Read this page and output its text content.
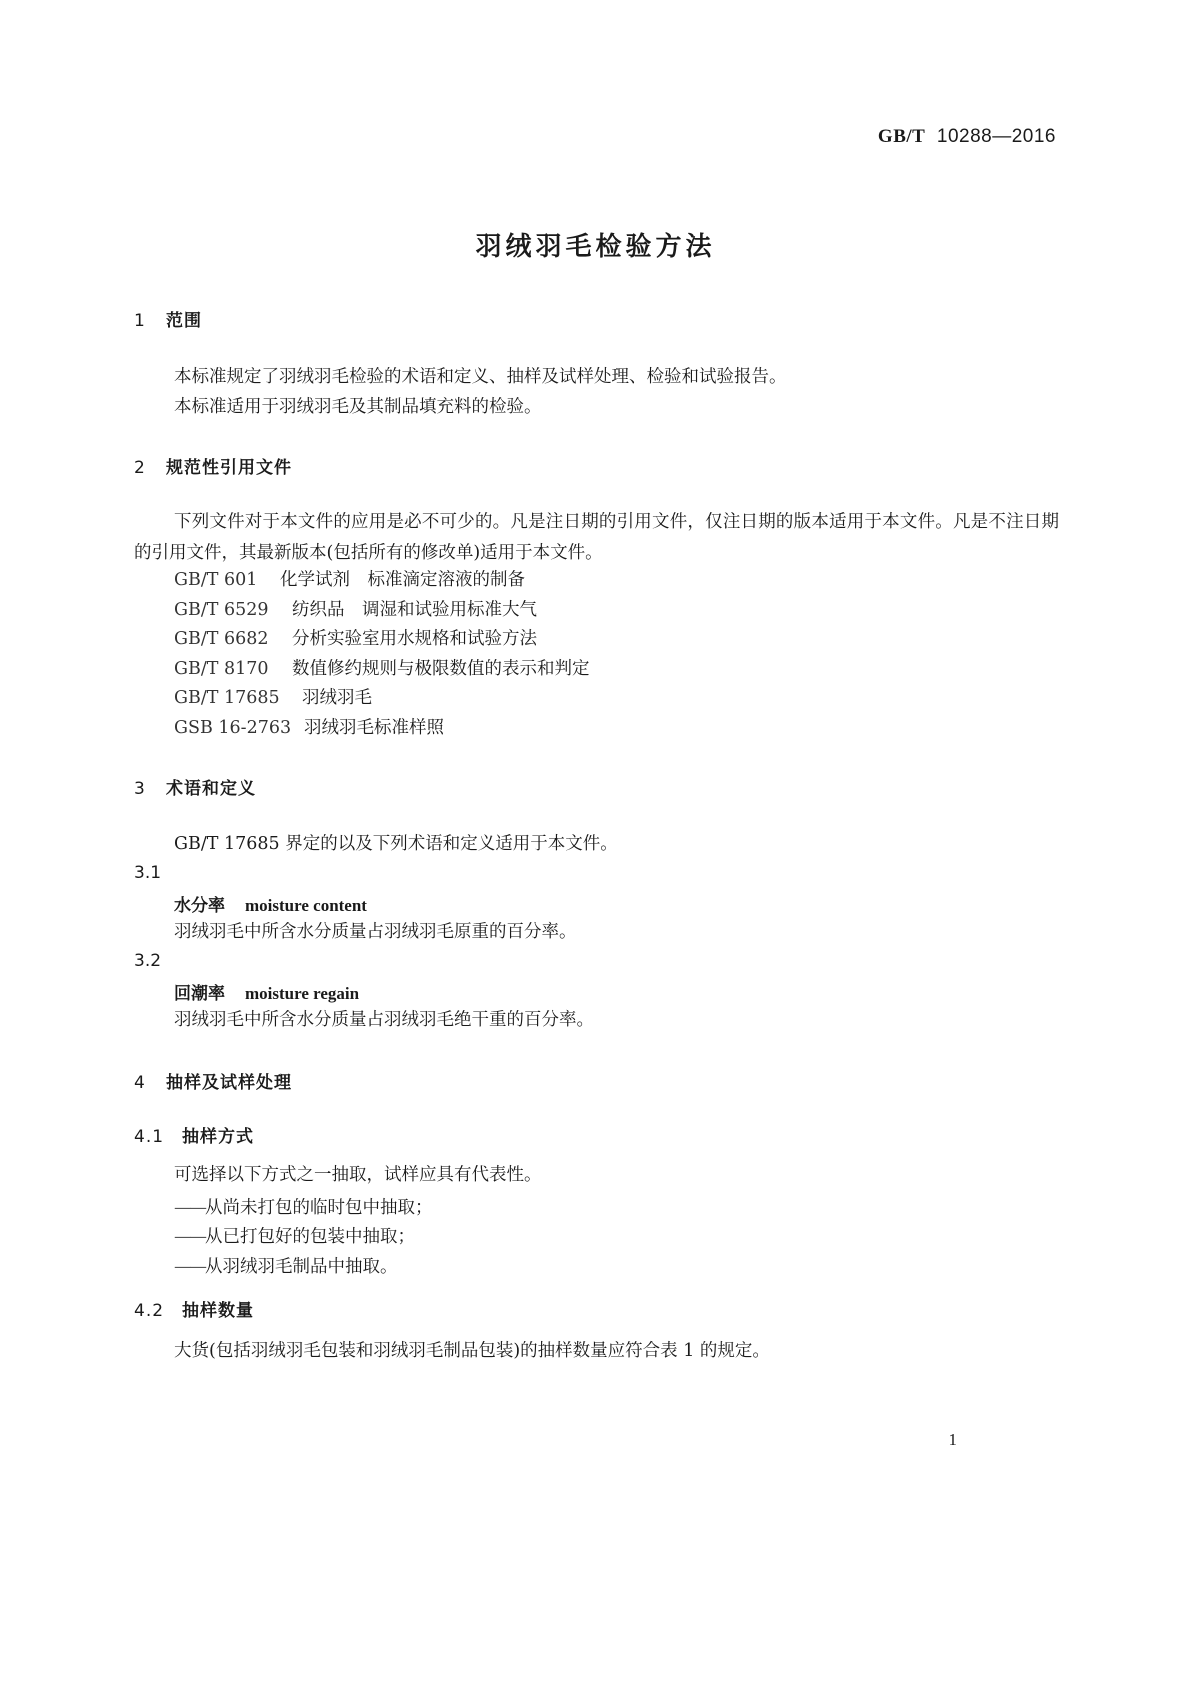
GB/T 10288—2016
羽绒羽毛检验方法
1 范围
本标准规定了羽绒羽毛检验的术语和定义、抽样及试样处理、检验和试验报告。
本标准适用于羽绒羽毛及其制品填充料的检验。
2 规范性引用文件
下列文件对于本文件的应用是必不可少的。凡是注日期的引用文件，仅注日期的版本适用于本文件。凡是不注日期的引用文件，其最新版本(包括所有的修改单)适用于本文件。
GB/T 601 化学试剂　标准滴定溶液的制备
GB/T 6529 纺织品　调湿和试验用标准大气
GB/T 6682 分析实验室用水规格和试验方法
GB/T 8170 数值修约规则与极限数值的表示和判定
GB/T 17685 羽绒羽毛
GSB 16-2763 羽绒羽毛标准样照
3 术语和定义
GB/T 17685 界定的以及下列术语和定义适用于本文件。
3.1
水分率 moisture content
羽绒羽毛中所含水分质量占羽绒羽毛原重的百分率。
3.2
回潮率 moisture regain
羽绒羽毛中所含水分质量占羽绒羽毛绝干重的百分率。
4 抽样及试样处理
4.1 抽样方式
可选择以下方式之一抽取，试样应具有代表性。
——从尚未打包的临时包中抽取；
——从已打包好的包装中抽取；
——从羽绒羽毛制品中抽取。
4.2 抽样数量
大货(包括羽绒羽毛包装和羽绒羽毛制品包装)的抽样数量应符合表 1 的规定。
1
